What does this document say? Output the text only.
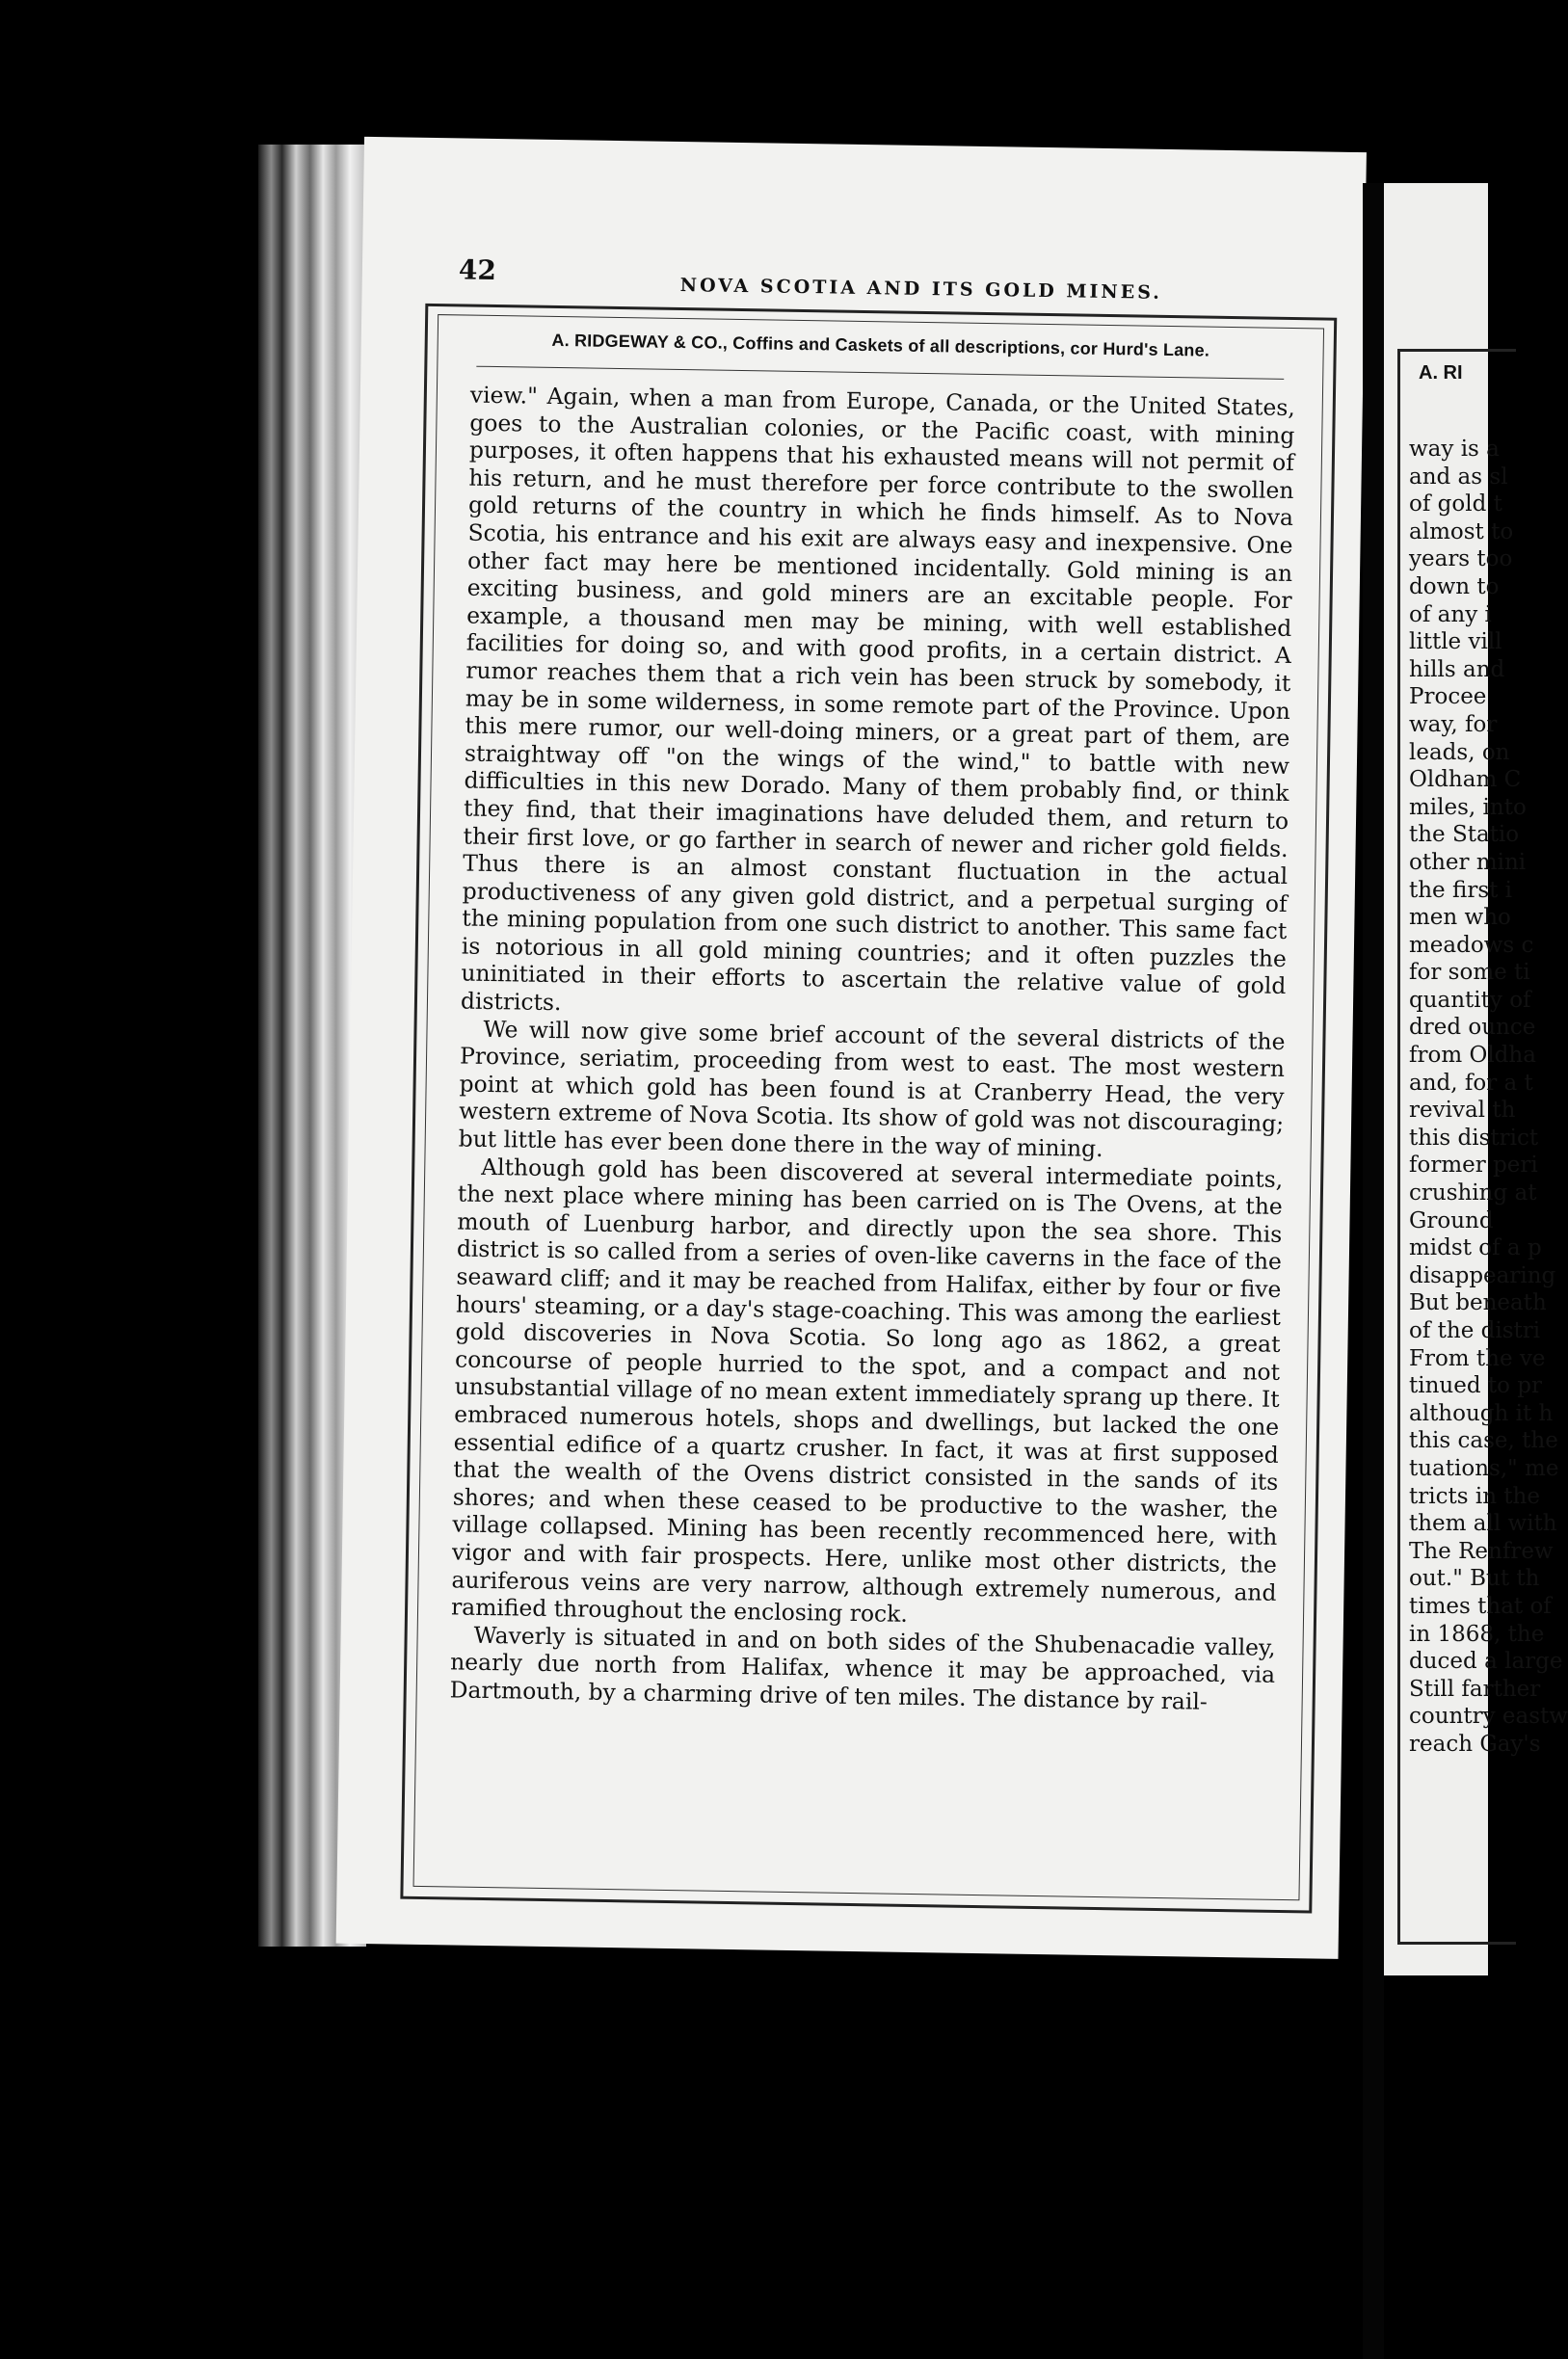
42
NOVA SCOTIA AND ITS GOLD MINES.
A. RIDGEWAY & CO., Coffins and Caskets of all descriptions, cor Hurd's Lane.

view." Again, when a man from Europe, Canada, or the United States, goes to the Australian colonies, or the Pacific coast, with mining purposes, it often happens that his exhausted means will not permit of his return, and he must therefore per force contribute to the swollen gold returns of the country in which he finds himself. As to Nova Scotia, his entrance and his exit are always easy and inexpensive. One other fact may here be mentioned incidentally. Gold mining is an exciting business, and gold miners are an excitable people. For example, a thousand men may be mining, with well established facilities for doing so, and with good profits, in a certain district. A rumor reaches them that a rich vein has been struck by somebody, it may be in some wilderness, in some remote part of the Province. Upon this mere rumor, our well-doing miners, or a great part of them, are straightway off "on the wings of the wind," to battle with new difficulties in this new Dorado. Many of them probably find, or think they find, that their imaginations have deluded them, and return to their first love, or go farther in search of newer and richer gold fields. Thus there is an almost constant fluctuation in the actual productiveness of any given gold district, and a perpetual surging of the mining population from one such district to another. This same fact is notorious in all gold mining countries; and it often puzzles the uninitiated in their efforts to ascertain the relative value of gold districts.

We will now give some brief account of the several districts of the Province, seriatim, proceeding from west to east. The most western point at which gold has been found is at Cranberry Head, the very western extreme of Nova Scotia. Its show of gold was not discouraging; but little has ever been done there in the way of mining.

Although gold has been discovered at several intermediate points, the next place where mining has been carried on is The Ovens, at the mouth of Luenburg harbor, and directly upon the sea shore. This district is so called from a series of oven-like caverns in the face of the seaward cliff; and it may be reached from Halifax, either by four or five hours' steaming, or a day's stage-coaching. This was among the earliest gold discoveries in Nova Scotia. So long ago as 1862, a great concourse of people hurried to the spot, and a compact and not unsubstantial village of no mean extent immediately sprang up there. It embraced numerous hotels, shops and dwellings, but lacked the one essential edifice of a quartz crusher. In fact, it was at first supposed that the wealth of the Ovens district consisted in the sands of its shores; and when these ceased to be productive to the washer, the village collapsed. Mining has been recently recommenced here, with vigor and with fair prospects. Here, unlike most other districts, the auriferous veins are very narrow, although extremely numerous, and ramified throughout the enclosing rock.

Waverly is situated in and on both sides of the Shubenacadie valley, nearly due north from Halifax, whence it may be approached, via Dartmouth, by a charming drive of ten miles. The distance by rail-

A. RI
way is a
and as sl
of gold t
almost to
years too
down to
of any i
little vill
hills and
Procee
way, for
leads, on
Oldham C
miles, into
the Statio
other mini
the first i
men who
meadows c
for some ti
quantity of
dred ounce
from Oldha
and, for a t
revival th
this district
former peri
crushing at
Ground
midst of a p
disappearing
But beneath
of the distri
From the ve
tinued to pr
although it h
this case, the
tuations," me
tricts in the
them all with
The Renfrew
out." But th
times that of
in 1868, the
duced a large
Still farther
country eastw
reach Gay's
